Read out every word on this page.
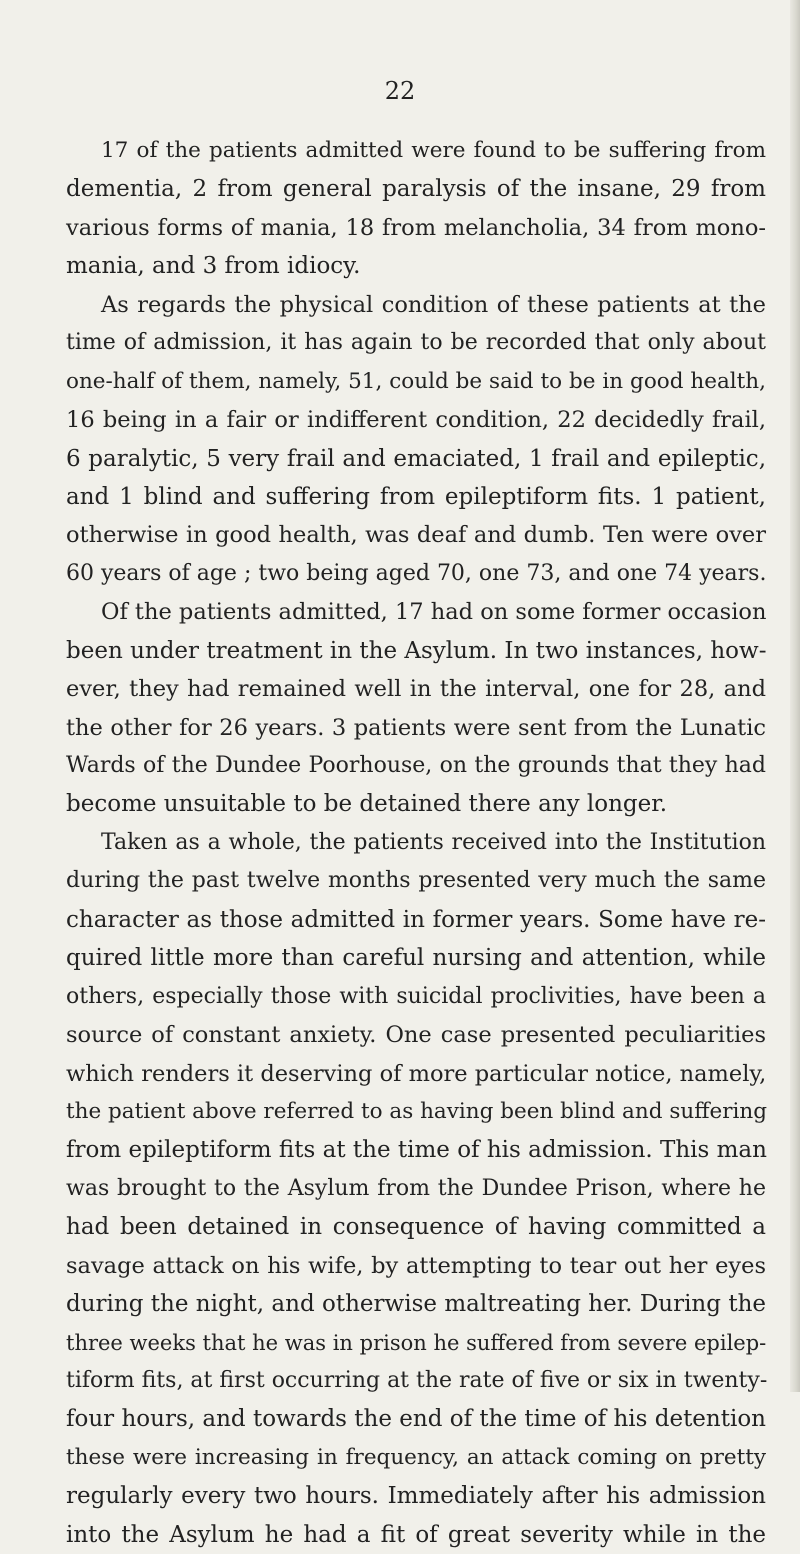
22
17 of the patients admitted were found to be suffering from
dementia, 2 from general paralysis of the insane, 29 from
various forms of mania, 18 from melancholia, 34 from mono-
mania, and 3 from idiocy.
As regards the physical condition of these patients at the
time of admission, it has again to be recorded that only about
one-half of them, namely, 51, could be said to be in good health,
16 being in a fair or indifferent condition, 22 decidedly frail,
6 paralytic, 5 very frail and emaciated, 1 frail and epileptic,
and 1 blind and suffering from epileptiform fits. 1 patient,
otherwise in good health, was deaf and dumb. Ten were over
60 years of age ; two being aged 70, one 73, and one 74 years.
Of the patients admitted, 17 had on some former occasion
been under treatment in the Asylum. In two instances, how-
ever, they had remained well in the interval, one for 28, and
the other for 26 years. 3 patients were sent from the Lunatic
Wards of the Dundee Poorhouse, on the grounds that they had
become unsuitable to be detained there any longer.
Taken as a whole, the patients received into the Institution
during the past twelve months presented very much the same
character as those admitted in former years. Some have re-
quired little more than careful nursing and attention, while
others, especially those with suicidal proclivities, have been a
source of constant anxiety. One case presented peculiarities
which renders it deserving of more particular notice, namely,
the patient above referred to as having been blind and suffering
from epileptiform fits at the time of his admission. This man
was brought to the Asylum from the Dundee Prison, where he
had been detained in consequence of having committed a
savage attack on his wife, by attempting to tear out her eyes
during the night, and otherwise maltreating her. During the
three weeks that he was in prison he suffered from severe epilep-
tiform fits, at first occurring at the rate of five or six in twenty-
four hours, and towards the end of the time of his detention
these were increasing in frequency, an attack coming on pretty
regularly every two hours. Immediately after his admission
into the Asylum he had a fit of great severity while in the
